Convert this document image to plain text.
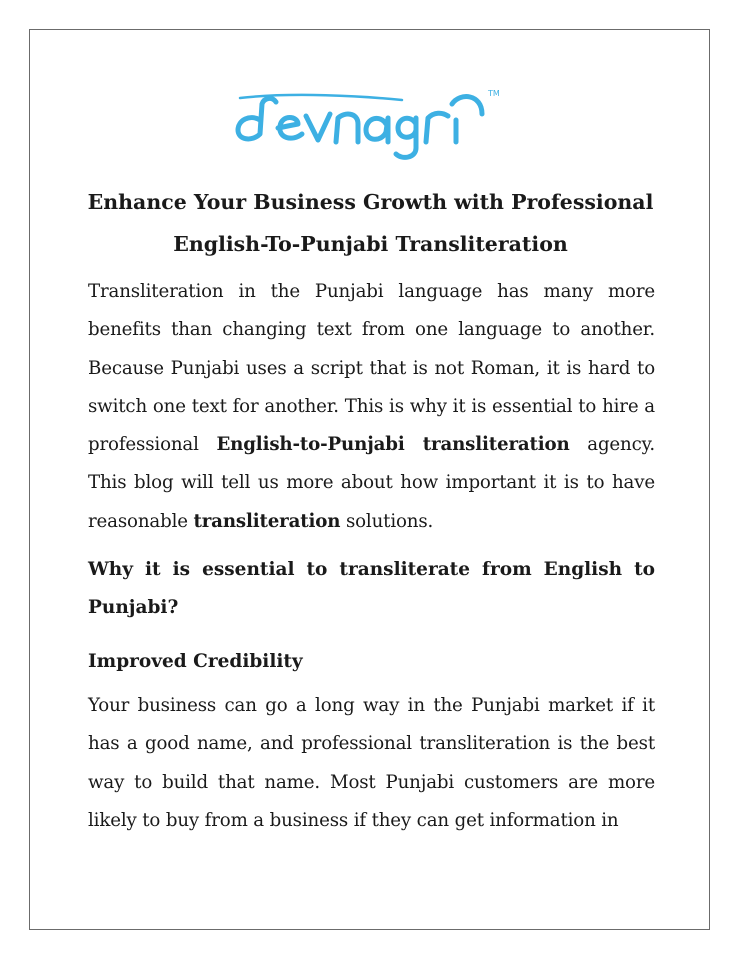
TM
Enhance Your Business Growth with Professional
English-To-Punjabi Transliteration

Transliteration in the Punjabi language has many more benefits than changing text from one language to another. Because Punjabi uses a script that is not Roman, it is hard to switch one text for another. This is why it is essential to hire a professional English-to-Punjabi transliteration agency. This blog will tell us more about how important it is to have reasonable transliteration solutions.

Why it is essential to transliterate from English to Punjabi?
Improved Credibility

Your business can go a long way in the Punjabi market if it has a good name, and professional transliteration is the best way to build that name. Most Punjabi customers are more likely to buy from a business if they can get information in
